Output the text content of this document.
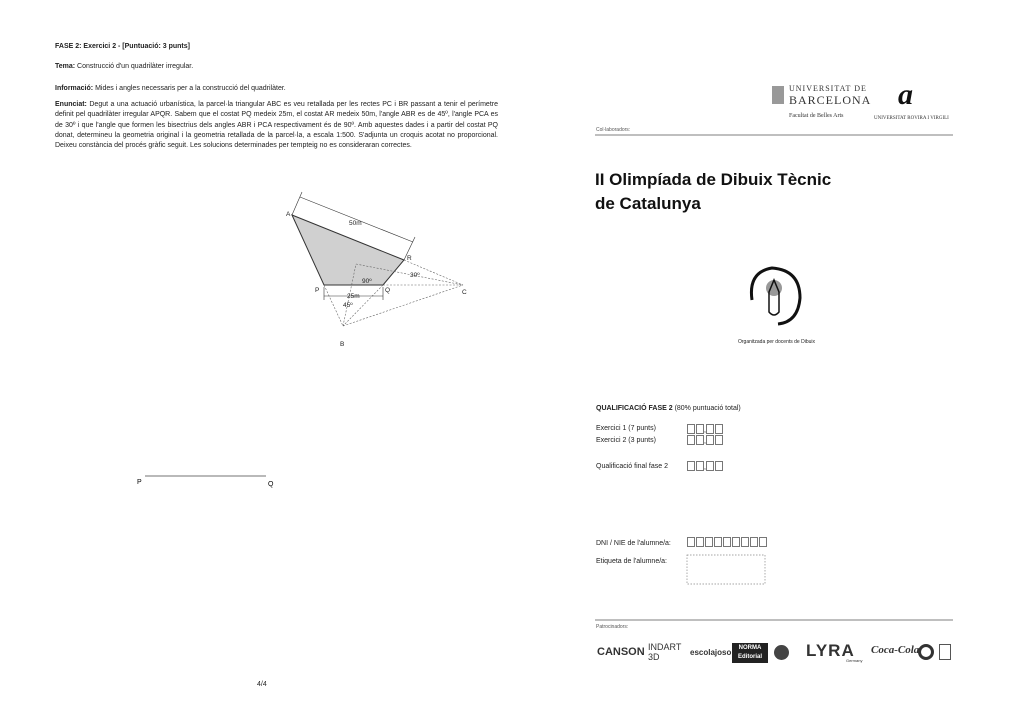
FASE 2: Exercici 2 - [Puntuació: 3 punts]
Tema: Construcció d'un quadrilàter irregular.
Informació: Mides i angles necessaris per a la construcció del quadrilàter.
Enunciat: Degut a una actuació urbanística, la parcel·la triangular ABC es veu retallada per les rectes PC i BR passant a tenir el perímetre definit pel quadrilàter irregular APQR. Sabem que el costat PQ medeix 25m, el costat AR medeix 50m, l'angle ABR es de 45º, l'angle PCA es de 30º i que l'angle que formen les bisectrius dels angles ABR i PCA respectivament és de 90º. Amb aquestes dades i a partir del costat PQ donat, determineu la geometria original i la geometria retallada de la parcel·la, a escala 1:500. S'adjunta un croquis acotat no proporcional. Deixeu constància del procés gràfic seguit. Les solucions determinades per tempteig no es consideraran correctes.
A
B
C
P	Q
R
50m
25m
90º
30º
45º
P	Q
4/4
UNIVERSITAT DE
BARCELONA
Facultat de Belles Arts
a
UNIVERSITAT ROVIRA I VIRGILI
Col·laboradors:
II Olimpíada de Dibuix Tècnic
de Catalunya
Organitzada per docents de Dibuix
QUALIFICACIÓ FASE 2 (80% puntuació total)
Exercici 1 (7 punts)
Exercici 2 (3 punts)
Qualificació final fase 2
,
,
,
DNI / NIE de l'alumne/a:
Etiqueta de l'alumne/a:
Patrocinadors:
CANSON INDART 3D	escolajoso	NORMA Editorial	LYRA
Germany
Coca-Cola
